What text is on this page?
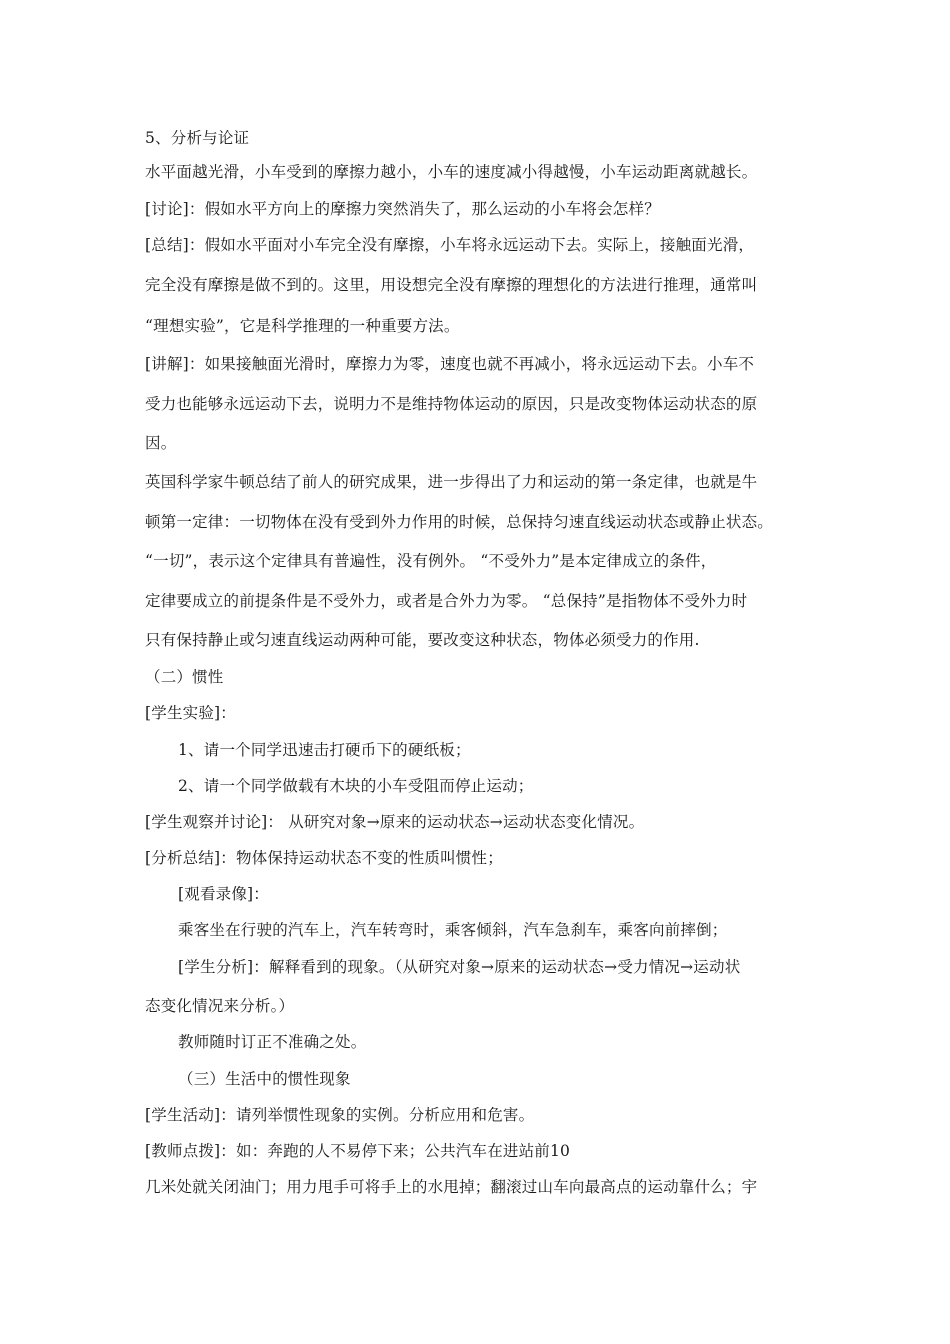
5、分析与论证
水平面越光滑，小车受到的摩擦力越小，小车的速度减小得越慢，小车运动距离就越长。
[讨论]：假如水平方向上的摩擦力突然消失了，那么运动的小车将会怎样？
[总结]：假如水平面对小车完全没有摩擦，小车将永远运动下去。实际上，接触面光滑，
完全没有摩擦是做不到的。这里，用设想完全没有摩擦的理想化的方法进行推理，通常叫
“理想实验”，它是科学推理的一种重要方法。
[讲解]：如果接触面光滑时，摩擦力为零，速度也就不再减小，将永远运动下去。小车不
受力也能够永远运动下去，说明力不是维持物体运动的原因，只是改变物体运动状态的原
因。
英国科学家牛顿总结了前人的研究成果，进一步得出了力和运动的第一条定律，也就是牛
顿第一定律：一切物体在没有受到外力作用的时候，总保持匀速直线运动状态或静止状态。
“一切”，表示这个定律具有普遍性，没有例外。 “不受外力”是本定律成立的条件，
定律要成立的前提条件是不受外力，或者是合外力为零。 “总保持”是指物体不受外力时
只有保持静止或匀速直线运动两种可能，要改变这种状态，物体必须受力的作用.
（二）惯性
[学生实验]：
1、请一个同学迅速击打硬币下的硬纸板；
2、请一个同学做载有木块的小车受阻而停止运动；
[学生观察并讨论]： 从研究对象→原来的运动状态→运动状态变化情况。
[分析总结]：物体保持运动状态不变的性质叫惯性；
[观看录像]：
乘客坐在行驶的汽车上，汽车转弯时，乘客倾斜，汽车急刹车，乘客向前摔倒；
[学生分析]：解释看到的现象。（从研究对象→原来的运动状态→受力情况→运动状
态变化情况来分析。）
教师随时订正不准确之处。
（三）生活中的惯性现象
[学生活动]：请列举惯性现象的实例。分析应用和危害。
[教师点拨]：如：奔跑的人不易停下来；公共汽车在进站前10
几米处就关闭油门；用力甩手可将手上的水甩掉；翻滚过山车向最高点的运动靠什么；宇
